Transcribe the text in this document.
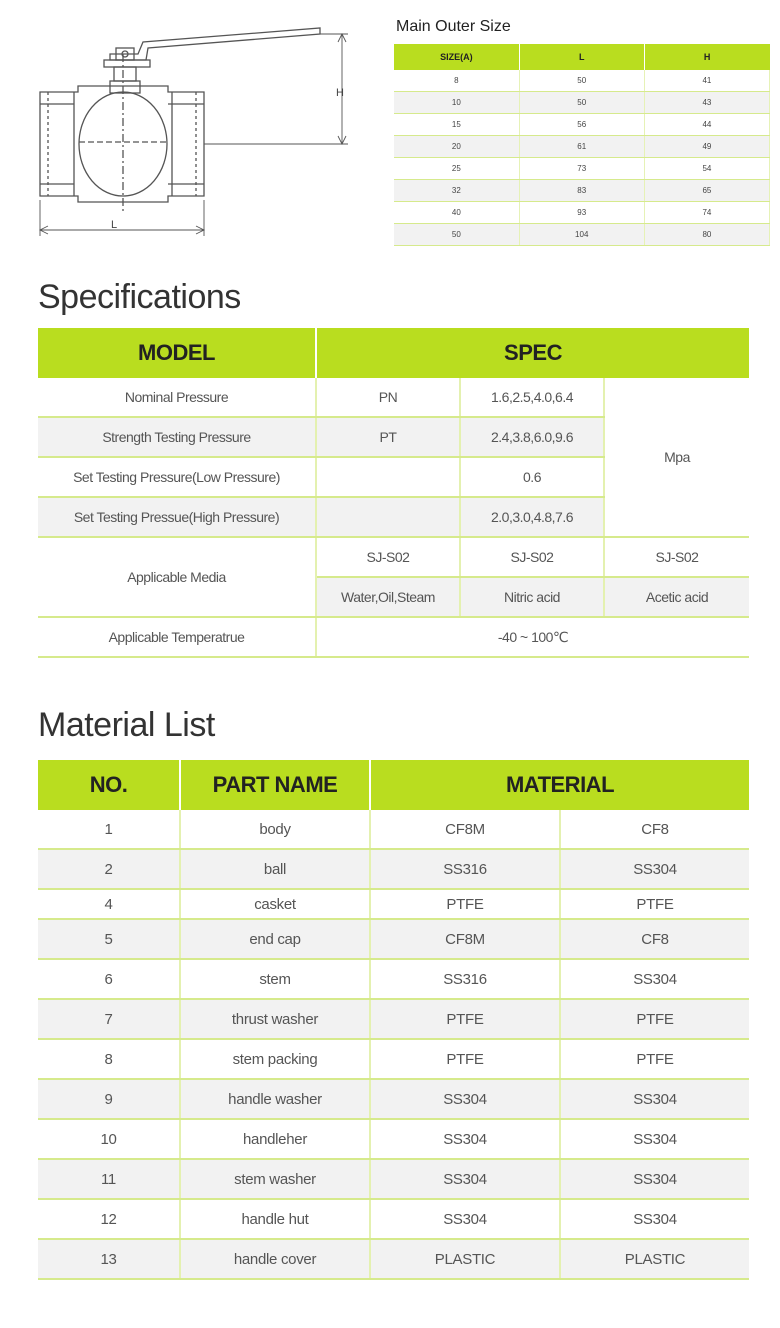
H
L
Main Outer Size
SIZE(A)	L	H
8	50	41
10	50	43
15	56	44
20	61	49
25	73	54
32	83	65
40	93	74
50	104	80
Specifications
MODEL	SPEC		
Nominal Pressure	PN	1.6,2.5,4.0,6.4	Mpa
Strength Testing Pressure	PT	2.4,3.8,6.0,9.6	
Set Testing Pressure(Low Pressure)		0.6	
Set Testing Pressue(High Pressure)		2.0,3.0,4.8,7.6	
Applicable Media	SJ-S02	SJ-S02	SJ-S02
	Water,Oil,Steam	Nitric acid	Acetic acid
Applicable Temperatrue	-40 ~ 100℃		
Material List
NO.	PART NAME	MATERIAL	
1	body	CF8M	CF8
2	ball	SS316	SS304
4	casket	PTFE	PTFE
5	end cap	CF8M	CF8
6	stem	SS316	SS304
7	thrust washer	PTFE	PTFE
8	stem packing	PTFE	PTFE
9	handle washer	SS304	SS304
10	handleher	SS304	SS304
11	stem washer	SS304	SS304
12	handle hut	SS304	SS304
13	handle cover	PLASTIC	PLASTIC
